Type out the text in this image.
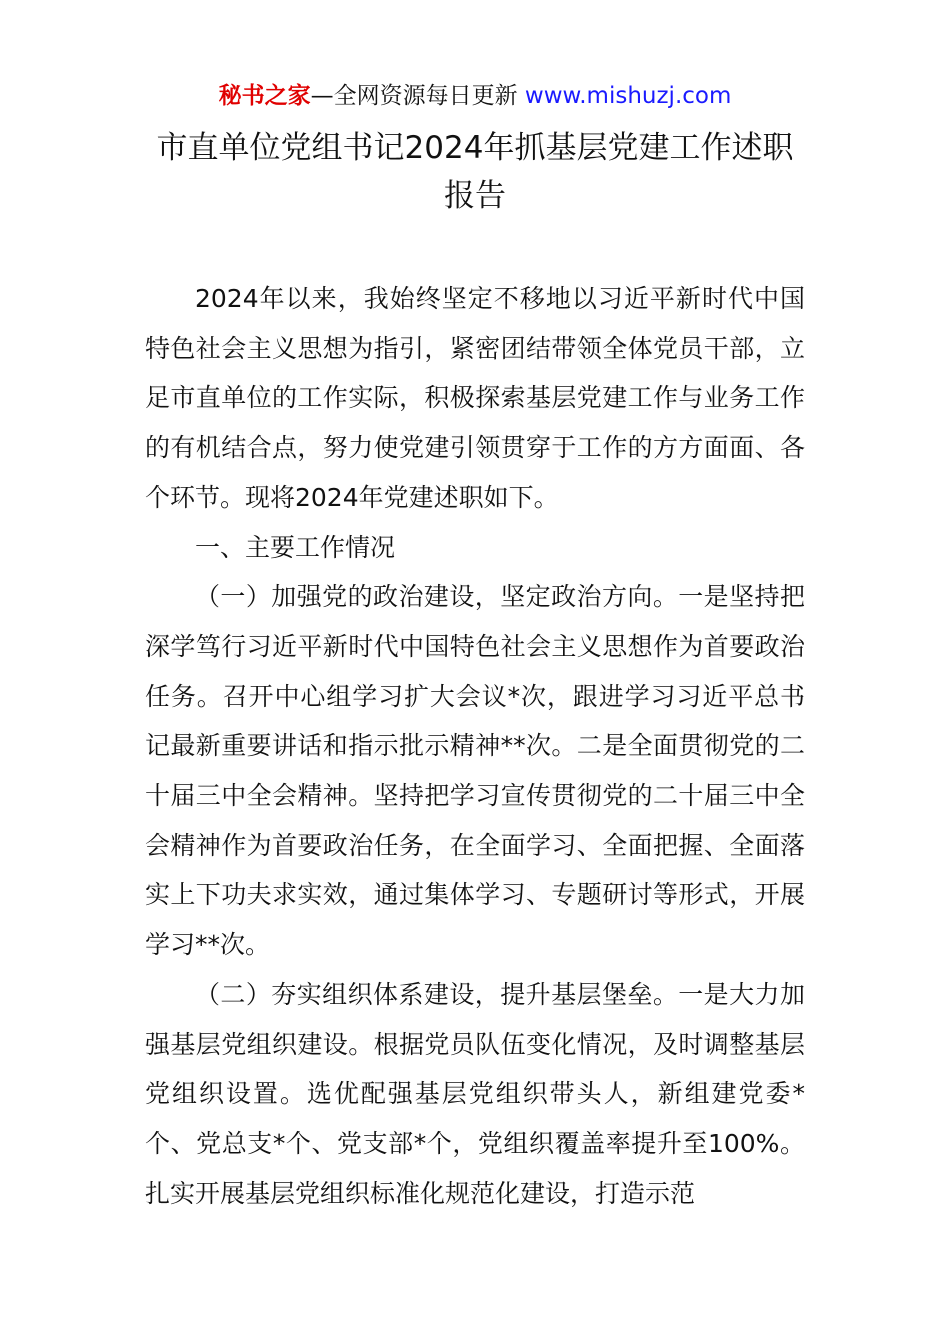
秘书之家—全网资源每日更新 www.mishuzj.com
市直单位党组书记2024年抓基层党建工作述职报告

2024年以来，我始终坚定不移地以习近平新时代中国特色社会主义思想为指引，紧密团结带领全体党员干部，立足市直单位的工作实际，积极探索基层党建工作与业务工作的有机结合点，努力使党建引领贯穿于工作的方方面面、各个环节。现将2024年党建述职如下。

一、主要工作情况

（一）加强党的政治建设，坚定政治方向。一是坚持把深学笃行习近平新时代中国特色社会主义思想作为首要政治任务。召开中心组学习扩大会议*次，跟进学习习近平总书记最新重要讲话和指示批示精神**次。二是全面贯彻党的二十届三中全会精神。坚持把学习宣传贯彻党的二十届三中全会精神作为首要政治任务，在全面学习、全面把握、全面落实上下功夫求实效，通过集体学习、专题研讨等形式，开展学习**次。

（二）夯实组织体系建设，提升基层堡垒。一是大力加强基层党组织建设。根据党员队伍变化情况，及时调整基层党组织设置。选优配强基层党组织带头人，新组建党委*个、党总支*个、党支部*个，党组织覆盖率提升至100%。扎实开展基层党组织标准化规范化建设，打造示范
